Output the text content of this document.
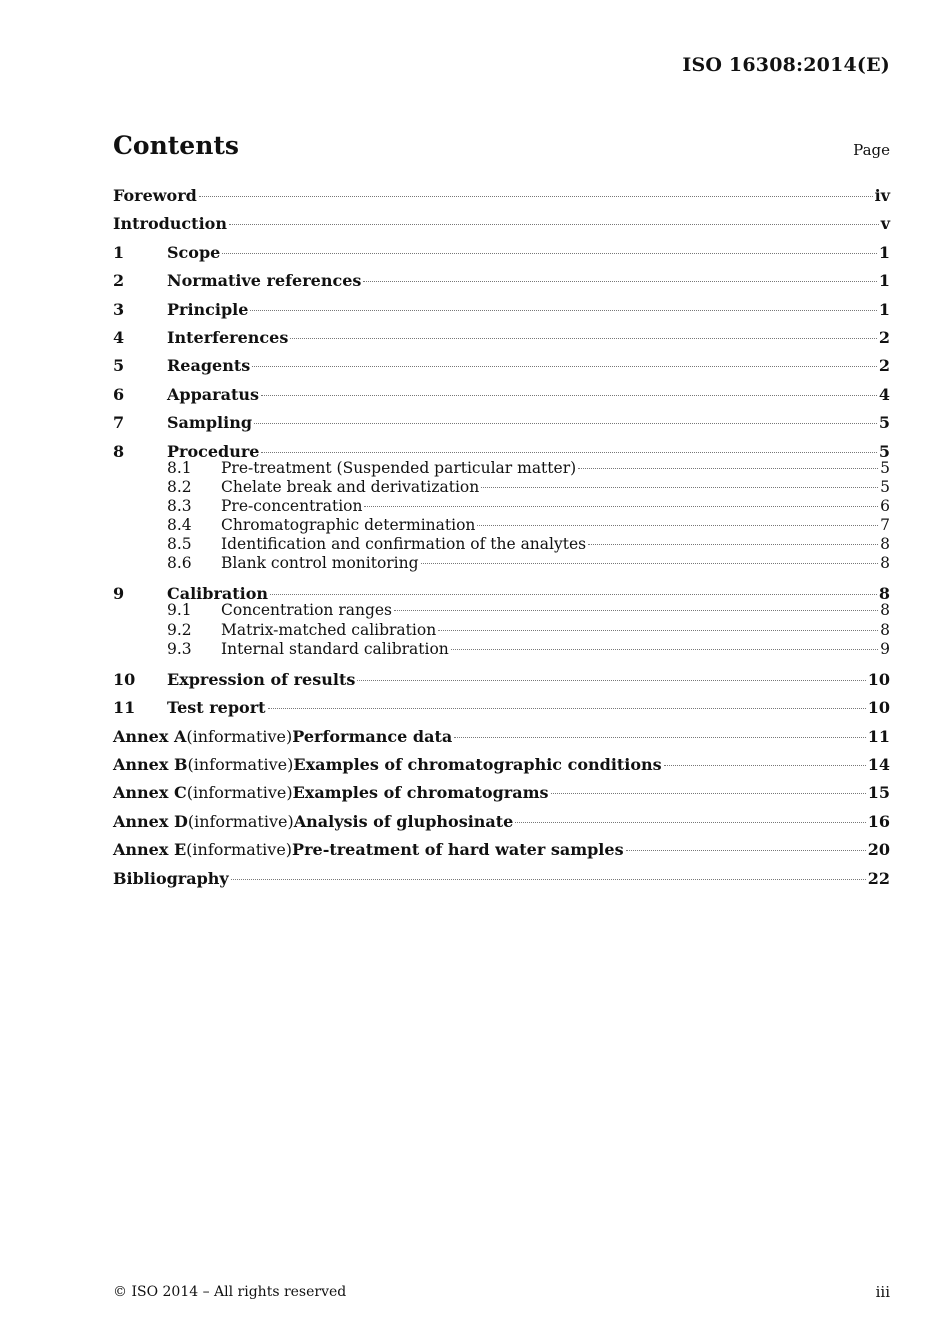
ISO 16308:2014(E)
Contents	Page
Foreword	iv
Introduction	v
1	Scope	1
2	Normative references	1
3	Principle	1
4	Interferences	2
5	Reagents	2
6	Apparatus	4
7	Sampling	5
8	Procedure	5
8.1	Pre-treatment (Suspended particular matter)	5
8.2	Chelate break and derivatization	5
8.3	Pre-concentration	6
8.4	Chromatographic determination	7
8.5	Identification and confirmation of the analytes	8
8.6	Blank control monitoring	8
9	Calibration	8
9.1	Concentration ranges	8
9.2	Matrix-matched calibration	8
9.3	Internal standard calibration	9
10	Expression of results	10
11	Test report	10
Annex A (informative) Performance data	11
Annex B (informative) Examples of chromatographic conditions	14
Annex C (informative) Examples of chromatograms	15
Annex D (informative) Analysis of gluphosinate	16
Annex E (informative) Pre-treatment of hard water samples	20
Bibliography	22
© ISO 2014 – All rights reserved	iii
